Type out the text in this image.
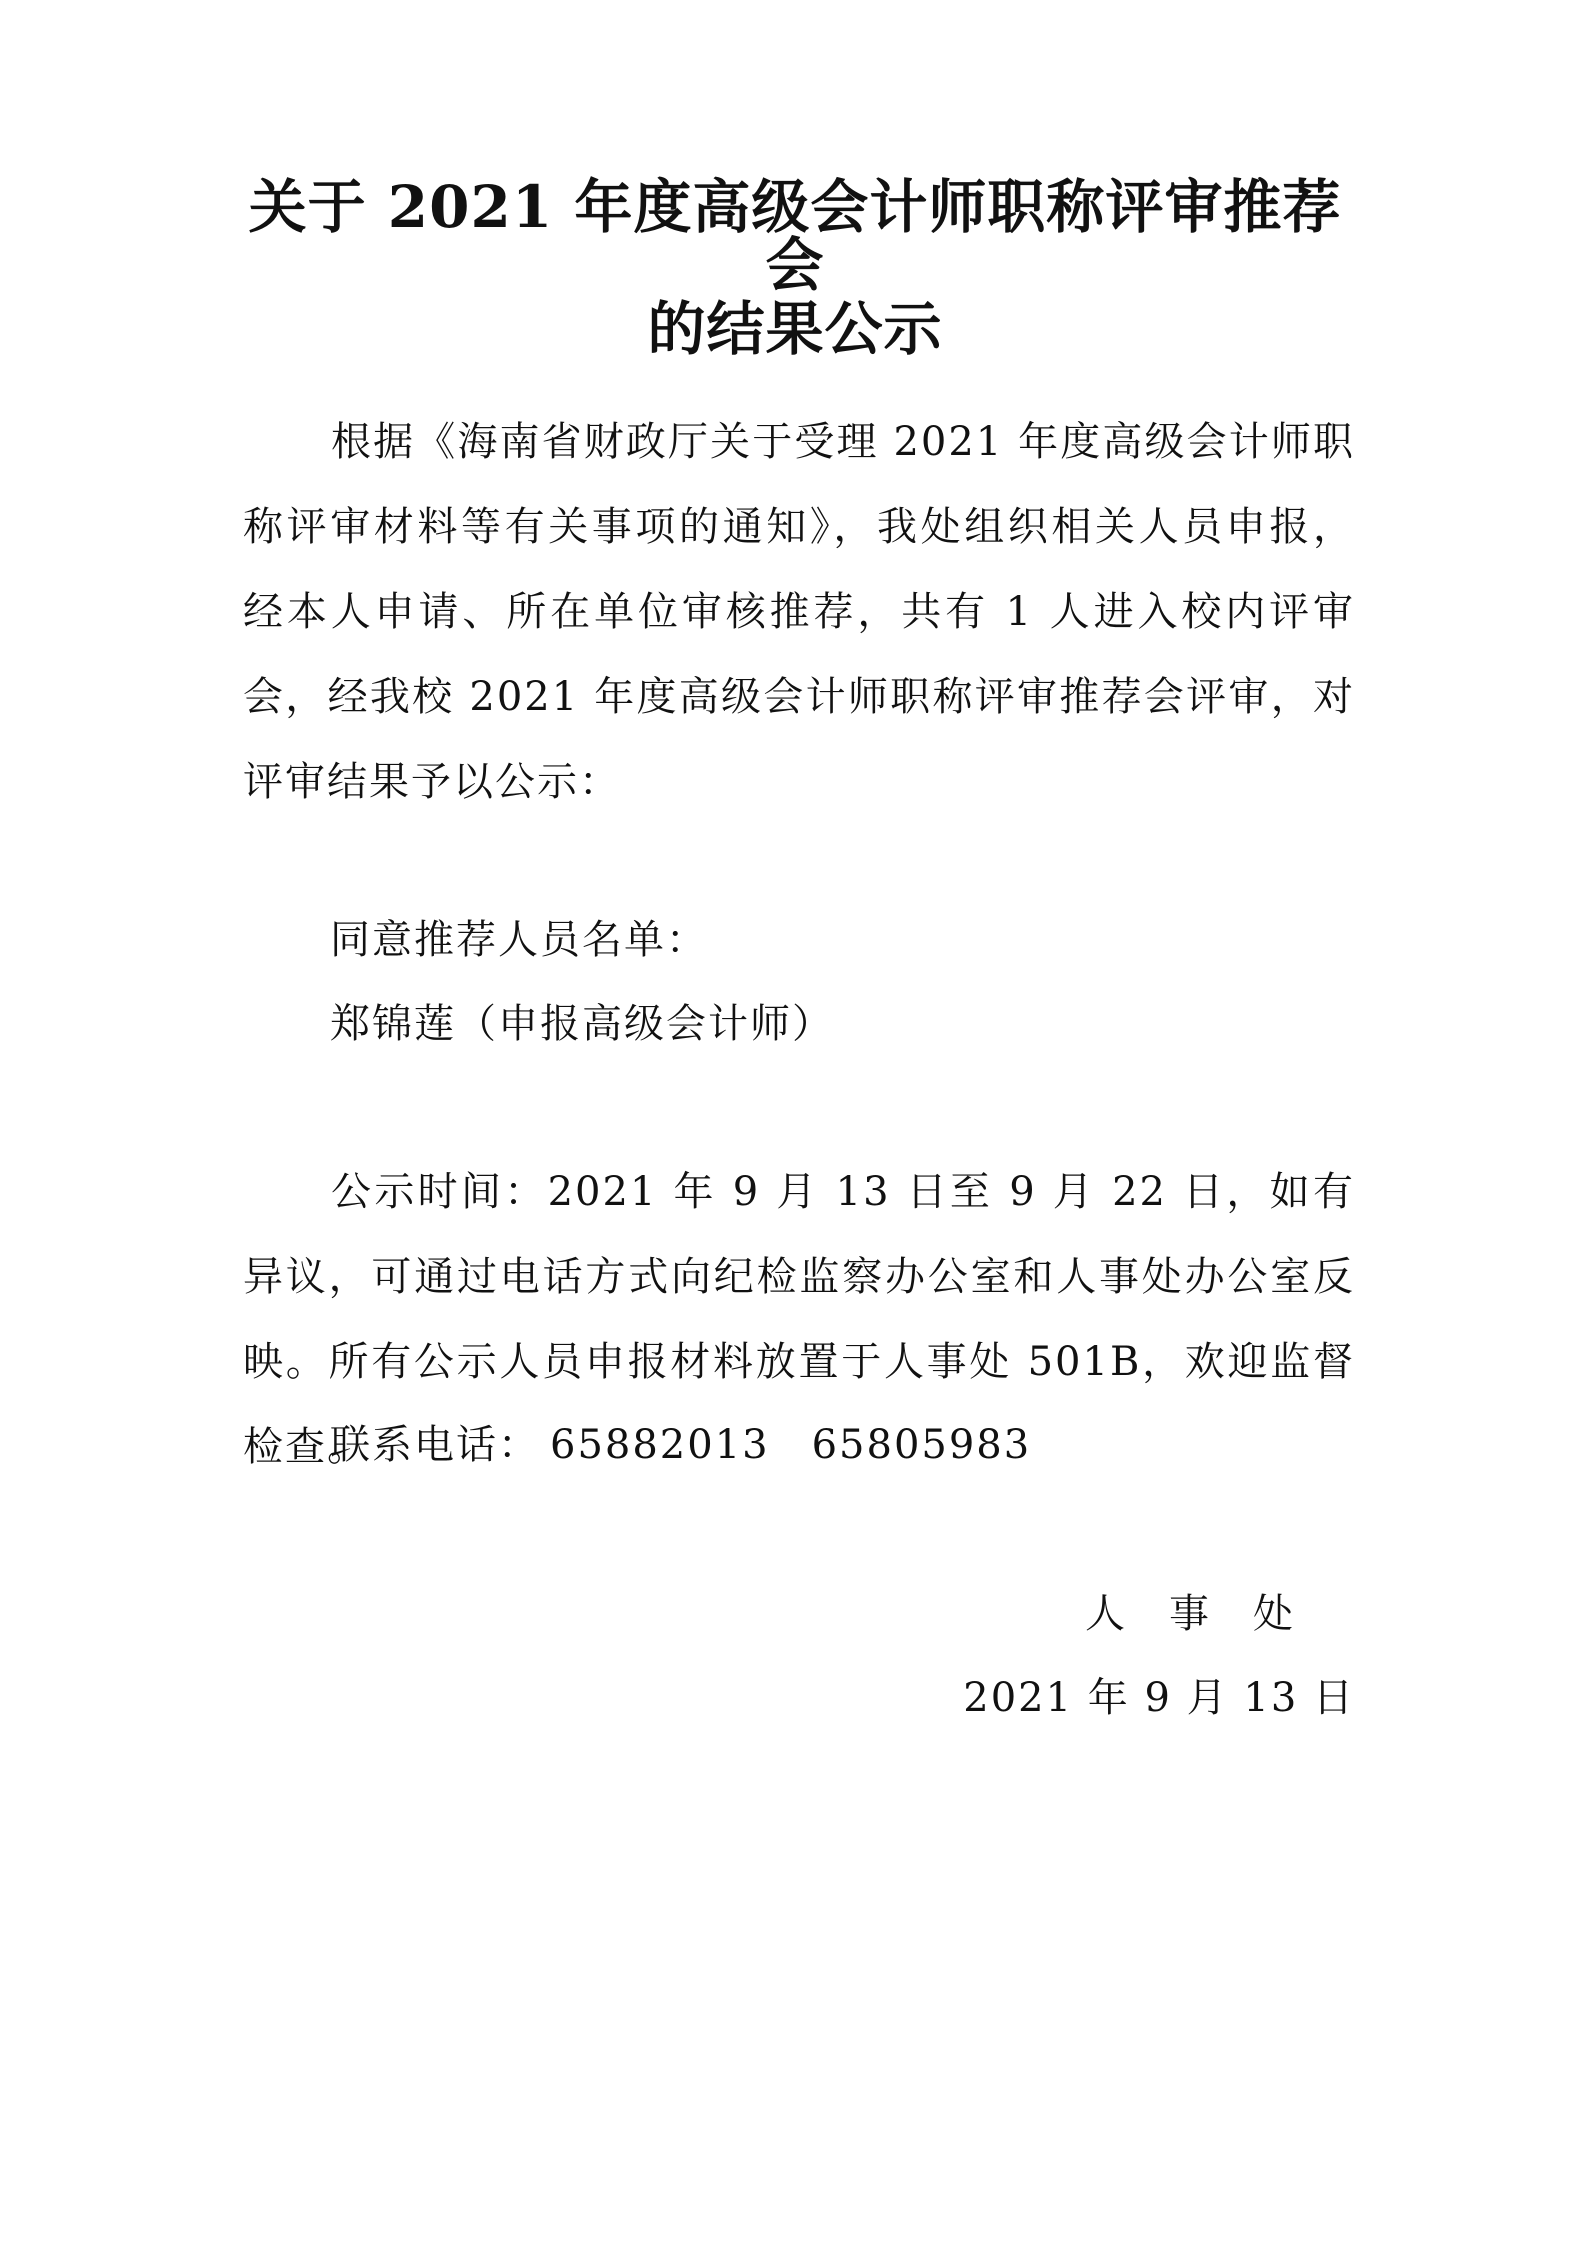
关于 2021 年度高级会计师职称评审推荐会
的结果公示
根据《海南省财政厅关于受理 2021 年度高级会计师职称评审材料等有关事项的通知》，我处组织相关人员申报，经本人申请、所在单位审核推荐，共有 1 人进入校内评审会，经我校 2021 年度高级会计师职称评审推荐会评审，对评审结果予以公示：
同意推荐人员名单：
郑锦莲（申报高级会计师）
公示时间：2021 年 9 月 13 日至 9 月 22 日，如有异议，可通过电话方式向纪检监察办公室和人事处办公室反映。所有公示人员申报材料放置于人事处 501B，欢迎监督检查。
联系电话： 65882013 65805983
人事处
2021 年 9 月 13 日
